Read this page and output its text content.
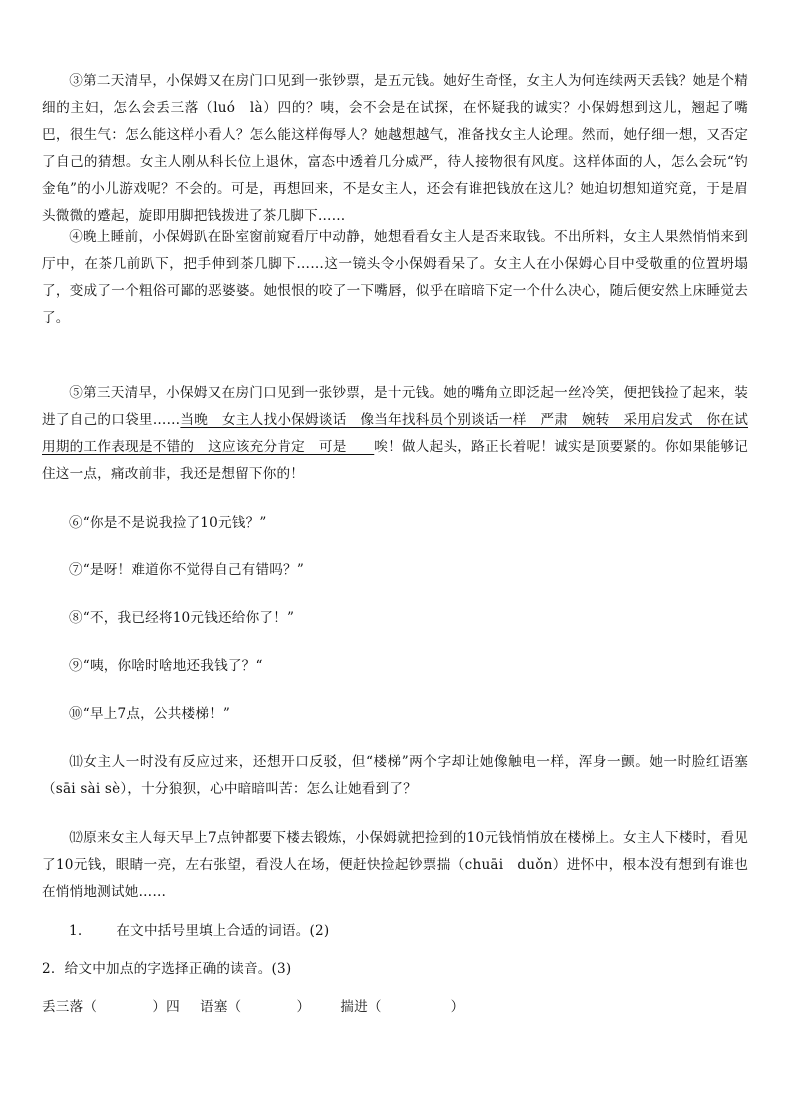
③第二天清早，小保姆又在房门口见到一张钞票，是五元钱。她好生奇怪，女主人为何连续两天丢钱？她是个精细的主妇，怎么会丢三落（luó　là）四的？咦，会不会是在试探，在怀疑我的诚实？小保姆想到这儿，翘起了嘴巴，很生气：怎么能这样小看人？怎么能这样侮辱人？她越想越气，准备找女主人论理。然而，她仔细一想，又否定了自己的猜想。女主人刚从科长位上退休，富态中透着几分威严，待人接物很有风度。这样体面的人，怎么会玩“钓金龟”的小儿游戏呢？不会的。可是，再想回来，不是女主人，还会有谁把钱放在这儿？她迫切想知道究竟，于是眉头微微的蹙起，旋即用脚把钱拨进了茶几脚下……

④晚上睡前，小保姆趴在卧室窗前窥看厅中动静，她想看看女主人是否来取钱。不出所料，女主人果然悄悄来到厅中，在茶几前趴下，把手伸到茶几脚下……这一镜头令小保姆看呆了。女主人在小保姆心目中受敬重的位置坍塌了，变成了一个粗俗可鄙的恶婆婆。她恨恨的咬了一下嘴唇，似乎在暗暗下定一个什么决心，随后便安然上床睡觉去了。

⑤第三天清早，小保姆又在房门口见到一张钞票，是十元钱。她的嘴角立即泛起一丝冷笑，便把钱捡了起来，装进了自己的口袋里……当晚　女主人找小保姆谈话　像当年找科员个别谈话一样　严肃　婉转　采用启发式　你在试用期的工作表现是不错的　这应该充分肯定　可是　　唉！做人起头，路正长着呢！诚实是顶要紧的。你如果能够记住这一点，痛改前非，我还是想留下你的！

⑥“你是不是说我捡了10元钱？”

⑦“是呀！难道你不觉得自己有错吗？”

⑧“不，我已经将10元钱还给你了！”

⑨“咦，你啥时啥地还我钱了？“

⑩“早上7点，公共楼梯！”

⑾女主人一时没有反应过来，还想开口反驳，但“楼梯”两个字却让她像触电一样，浑身一颤。她一时脸红语塞（sāi sài sè），十分狼狈，心中暗暗叫苦：怎么让她看到了？

⑿原来女主人每天早上7点钟都要下楼去锻炼，小保姆就把捡到的10元钱悄悄放在楼梯上。女主人下楼时，看见了10元钱，眼睛一亮，左右张望，看没人在场，便赶快捡起钞票揣（chuāi　duǒn）进怀中，根本没有想到有谁也在悄悄地测试她……

1.	在文中括号里填上合适的词语。(2)

2．给文中加点的字选择正确的读音。(3)

丢三落（　　　　）四 语塞（　　　　） 揣进（　　　　　）
